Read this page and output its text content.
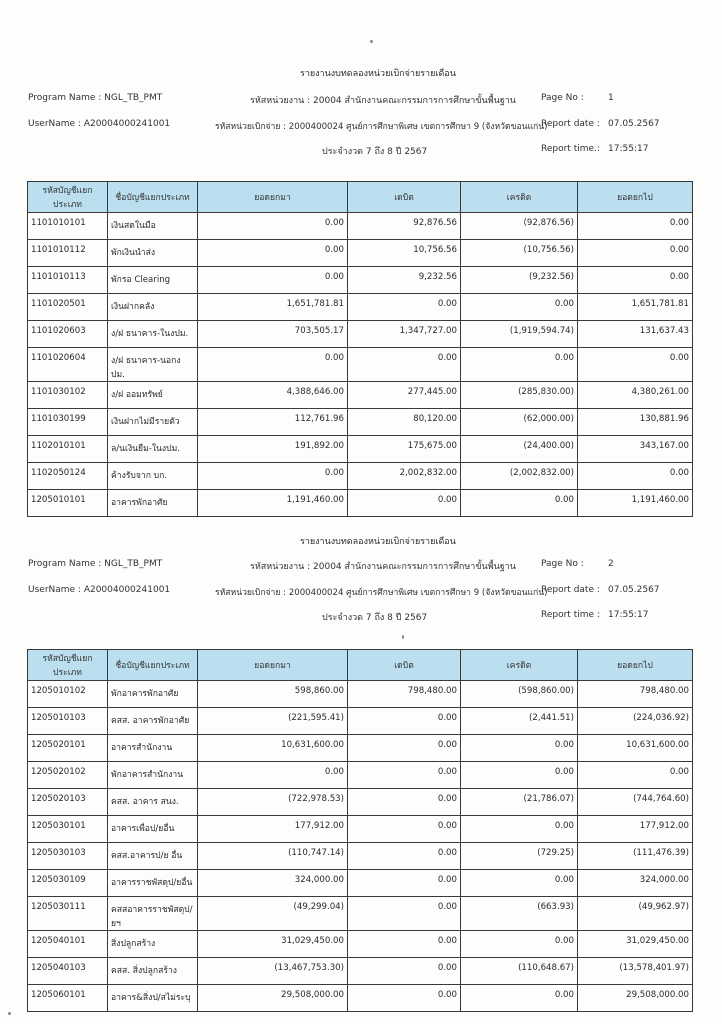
รายงานงบทดลองหน่วยเบิกจ่ายรายเดือน
Program Name : NGL_TB_PMT	รหัสหน่วยงาน : 20004 สำนักงานคณะกรรมการการศึกษาขั้นพื้นฐาน	Page No :	1
UserName : A20004000241001	รหัสหน่วยเบิกจ่าย : 2000400024 ศูนย์การศึกษาพิเศษ เขตการศึกษา 9 (จังหวัดขอนแก่น)
Report date : 07.05.2567
ประจำงวด 7 ถึง 8 ปี 2567	Report time.: 17:55:17
รหัสบัญชีแยกประเภท	ชื่อบัญชีแยกประเภท	ยอดยกมา	เดบิต	เครดิต	ยอดยกไป
1101010101	เงินสดในมือ	0.00	92,876.56	(92,876.56)	0.00
1101010112	พักเงินนำส่ง	0.00	10,756.56	(10,756.56)	0.00
1101010113	พักรอ Clearing	0.00	9,232.56	(9,232.56)	0.00
1101020501	เงินฝากคลัง	1,651,781.81	0.00	0.00	1,651,781.81
1101020603	ง/ฝ ธนาคาร-ในงปม.	703,505.17	1,347,727.00	(1,919,594.74)	131,637.43
1101020604	ง/ฝ ธนาคาร-นอกงปม.	0.00	0.00	0.00	0.00
1101030102	ง/ฝ ออมทรัพย์	4,388,646.00	277,445.00	(285,830.00)	4,380,261.00
1101030199	เงินฝากไม่มีรายตัว	112,761.96	80,120.00	(62,000.00)	130,881.96
1102010101	ล/นเงินยืม-ในงปม.	191,892.00	175,675.00	(24,400.00)	343,167.00
1102050124	ค้างรับจาก บก.	0.00	2,002,832.00	(2,002,832.00)	0.00
1205010101	อาคารพักอาศัย	1,191,460.00	0.00	0.00	1,191,460.00
รายงานงบทดลองหน่วยเบิกจ่ายรายเดือน
Program Name : NGL_TB_PMT	รหัสหน่วยงาน : 20004 สำนักงานคณะกรรมการการศึกษาขั้นพื้นฐาน	Page No :	2
UserName : A20004000241001	รหัสหน่วยเบิกจ่าย : 2000400024 ศูนย์การศึกษาพิเศษ เขตการศึกษา 9 (จังหวัดขอนแก่น)
Report date : 07.05.2567
ประจำงวด 7 ถึง 8 ปี 2567	Report time : 17:55:17
รหัสบัญชีแยกประเภท	ชื่อบัญชีแยกประเภท	ยอดยกมา	เดบิต	เครดิต	ยอดยกไป
1205010102	พักอาคารพักอาศัย	598,860.00	798,480.00	(598,860.00)	798,480.00
1205010103	คสส. อาคารพักอาศัย	(221,595.41)	0.00	(2,441.51)	(224,036.92)
1205020101	อาคารสำนักงาน	10,631,600.00	0.00	0.00	10,631,600.00
1205020102	พักอาคารสำนักงาน	0.00	0.00	0.00	0.00
1205020103	คสส. อาคาร สนง.	(722,978.53)	0.00	(21,786.07)	(744,764.60)
1205030101	อาคารเพื่อป/ยอื่น	177,912.00	0.00	0.00	177,912.00
1205030103	คสส.อาคารป/ย อื่น	(110,747.14)	0.00	(729.25)	(111,476.39)
1205030109	อาคารราชพัสดุป/ยอื่น	324,000.00	0.00	0.00	324,000.00
1205030111	คสสอาคารราชพัสดุป/ยฯ	(49,299.04)	0.00	(663.93)	(49,962.97)
1205040101	สิ่งปลูกสร้าง	31,029,450.00	0.00	0.00	31,029,450.00
1205040103	คสส. สิ่งปลูกสร้าง	(13,467,753.30)	0.00	(110,648.67)	(13,578,401.97)
1205060101	อาคาร&สิ่งป/สไม่ระบุ	29,508,000.00	0.00	0.00	29,508,000.00
